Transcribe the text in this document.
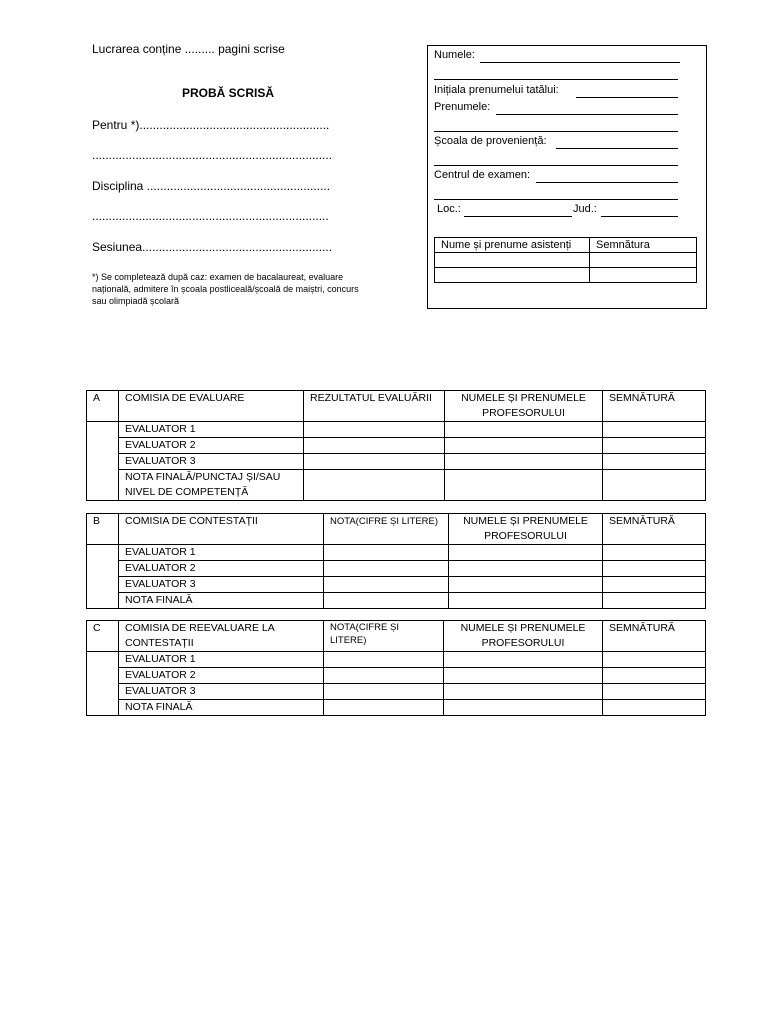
Lucrarea conține ......... pagini scrise
PROBĂ SCRISĂ
Pentru *).........................................................
........................................................................
Disciplina .......................................................
.......................................................................
Sesiunea.........................................................
*) Se completează după caz: examen de bacalaureat, evaluare națională, admitere în școala postliceală/școală de maiștri, concurs sau olimpiadă școlară
Numele:
Inițiala prenumelui tatălui:
Prenumele:
Școala de proveniență:
Centrul de examen:
Loc.:	Jud.:
Nume și prenume asistenți	Semnătura

A	COMISIA DE EVALUARE	REZULTATUL EVALUĂRII	NUMELE ȘI PRENUMELE PROFESORULUI	SEMNĂTURĂ
	EVALUATOR 1			
	EVALUATOR 2			
	EVALUATOR 3			
	NOTA FINALĂ/PUNCTAJ ȘI/SAU NIVEL DE COMPETENȚĂ			
B	COMISIA DE CONTESTAȚII	NOTA(CIFRE ȘI LITERE)	NUMELE ȘI PRENUMELE PROFESORULUI	SEMNĂTURĂ
	EVALUATOR 1			
	EVALUATOR 2			
	EVALUATOR 3			
	NOTA FINALĂ			
C	COMISIA DE REEVALUARE LA CONTESTAȚII	NOTA(CIFRE ȘI LITERE)	NUMELE ȘI PRENUMELE PROFESORULUI	SEMNĂTURĂ
	EVALUATOR 1			
	EVALUATOR 2			
	EVALUATOR 3			
	NOTA FINALĂ			
